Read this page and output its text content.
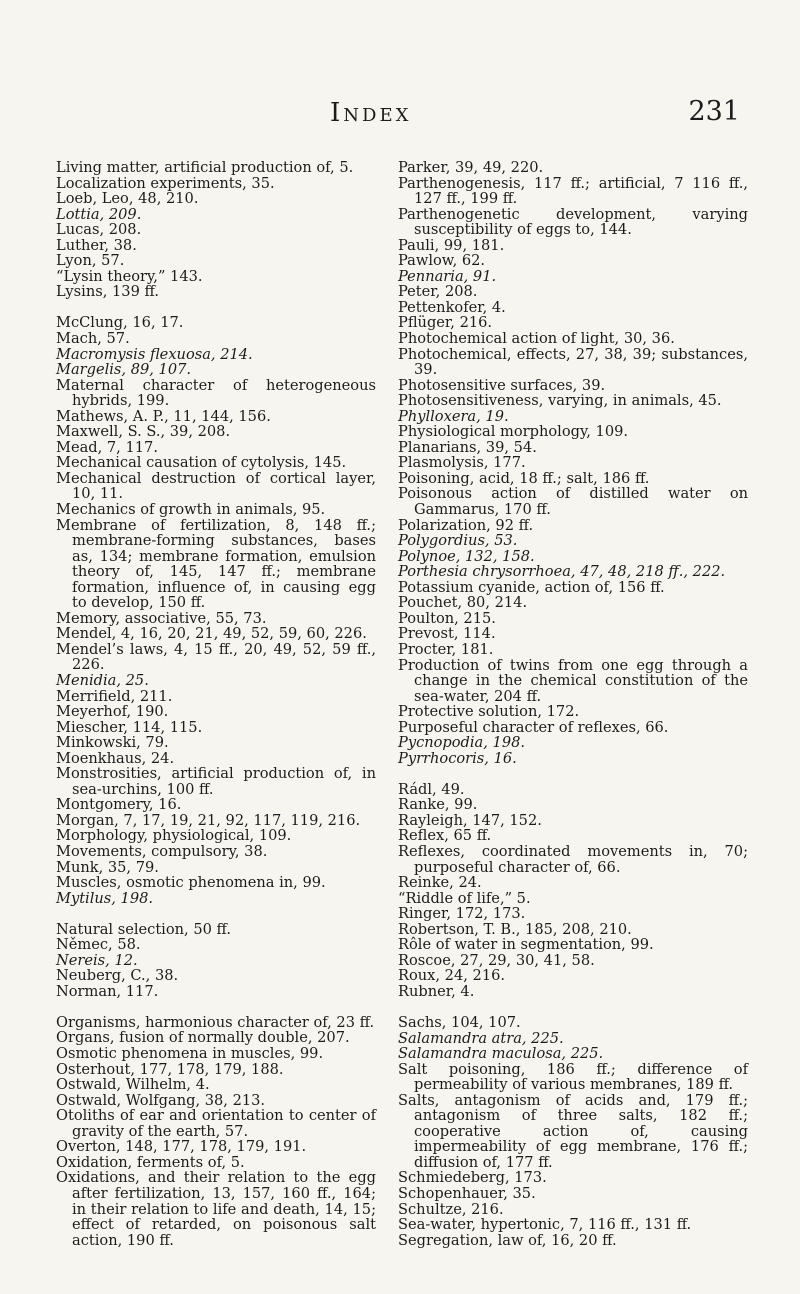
Index	231
Living matter, artificial production of, 5.
Localization experiments, 35.
Loeb, Leo, 48, 210.
Lottia, 209.
Lucas, 208.
Luther, 38.
Lyon, 57.
“Lysin theory,” 143.
Lysins, 139 ff.
McClung, 16, 17.
Mach, 57.
Macromysis flexuosa, 214.
Margelis, 89, 107.
Maternal character of heterogeneous hybrids, 199.
Mathews, A. P., 11, 144, 156.
Maxwell, S. S., 39, 208.
Mead, 7, 117.
Mechanical causation of cytolysis, 145.
Mechanical destruction of cortical layer, 10, 11.
Mechanics of growth in animals, 95.
Membrane of fertilization, 8, 148 ff.; membrane-forming substances, bases as, 134; membrane formation, emulsion theory of, 145, 147 ff.; membrane formation, influence of, in causing egg to develop, 150 ff.
Memory, associative, 55, 73.
Mendel, 4, 16, 20, 21, 49, 52, 59, 60, 226.
Mendel’s laws, 4, 15 ff., 20, 49, 52, 59 ff., 226.
Menidia, 25.
Merrifield, 211.
Meyerhof, 190.
Miescher, 114, 115.
Minkowski, 79.
Moenkhaus, 24.
Monstrosities, artificial production of, in sea-urchins, 100 ff.
Montgomery, 16.
Morgan, 7, 17, 19, 21, 92, 117, 119, 216.
Morphology, physiological, 109.
Movements, compulsory, 38.
Munk, 35, 79.
Muscles, osmotic phenomena in, 99.
Mytilus, 198.
Natural selection, 50 ff.
Němec, 58.
Nereis, 12.
Neuberg, C., 38.
Norman, 117.
Organisms, harmonious character of, 23 ff.
Organs, fusion of normally double, 207.
Osmotic phenomena in muscles, 99.
Osterhout, 177, 178, 179, 188.
Ostwald, Wilhelm, 4.
Ostwald, Wolfgang, 38, 213.
Otoliths of ear and orientation to center of gravity of the earth, 57.
Overton, 148, 177, 178, 179, 191.
Oxidation, ferments of, 5.
Oxidations, and their relation to the egg after fertilization, 13, 157, 160 ff., 164; in their relation to life and death, 14, 15; effect of retarded, on poisonous salt action, 190 ff.
Parker, 39, 49, 220.
Parthenogenesis, 117 ff.; artificial, 7 116 ff., 127 ff., 199 ff.
Parthenogenetic development, varying susceptibility of eggs to, 144.
Pauli, 99, 181.
Pawlow, 62.
Pennaria, 91.
Peter, 208.
Pettenkofer, 4.
Pflüger, 216.
Photochemical action of light, 30, 36.
Photochemical, effects, 27, 38, 39; substances, 39.
Photosensitive surfaces, 39.
Photosensitiveness, varying, in animals, 45.
Phylloxera, 19.
Physiological morphology, 109.
Planarians, 39, 54.
Plasmolysis, 177.
Poisoning, acid, 18 ff.; salt, 186 ff.
Poisonous action of distilled water on Gammarus, 170 ff.
Polarization, 92 ff.
Polygordius, 53.
Polynoe, 132, 158.
Porthesia chrysorrhoea, 47, 48, 218 ff., 222.
Potassium cyanide, action of, 156 ff.
Pouchet, 80, 214.
Poulton, 215.
Prevost, 114.
Procter, 181.
Production of twins from one egg through a change in the chemical constitution of the sea-water, 204 ff.
Protective solution, 172.
Purposeful character of reflexes, 66.
Pycnopodia, 198.
Pyrrhocoris, 16.
Rádl, 49.
Ranke, 99.
Rayleigh, 147, 152.
Reflex, 65 ff.
Reflexes, coordinated movements in, 70; purposeful character of, 66.
Reinke, 24.
“Riddle of life,” 5.
Ringer, 172, 173.
Robertson, T. B., 185, 208, 210.
Rôle of water in segmentation, 99.
Roscoe, 27, 29, 30, 41, 58.
Roux, 24, 216.
Rubner, 4.
Sachs, 104, 107.
Salamandra atra, 225.
Salamandra maculosa, 225.
Salt poisoning, 186 ff.; difference of permeability of various membranes, 189 ff.
Salts, antagonism of acids and, 179 ff.; antagonism of three salts, 182 ff.; cooperative action of, causing impermeability of egg membrane, 176 ff.; diffusion of, 177 ff.
Schmiedeberg, 173.
Schopenhauer, 35.
Schultze, 216.
Sea-water, hypertonic, 7, 116 ff., 131 ff.
Segregation, law of, 16, 20 ff.
